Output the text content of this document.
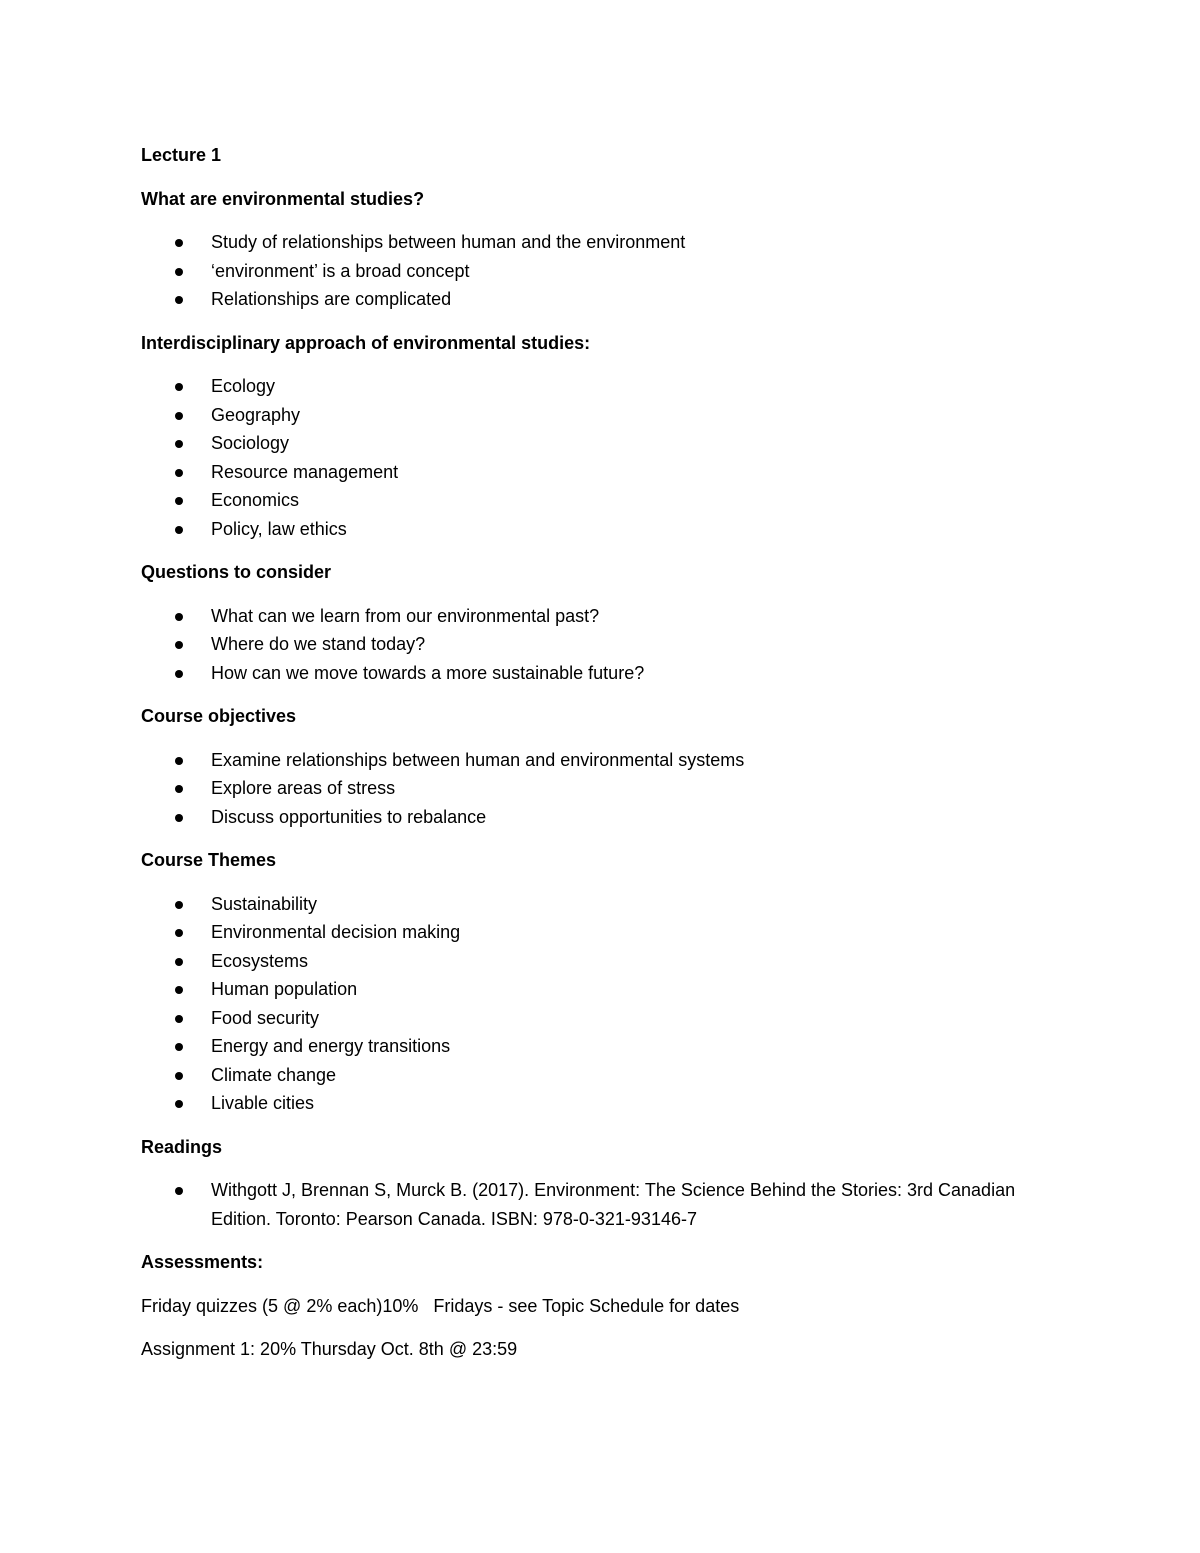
Lecture 1

What are environmental studies?

Study of relationships between human and the environment
‘environment’ is a broad concept
Relationships are complicated

Interdisciplinary approach of environmental studies:

Ecology
Geography
Sociology
Resource management
Economics
Policy, law ethics

Questions to consider

What can we learn from our environmental past?
Where do we stand today?
How can we move towards a more sustainable future?

Course objectives

Examine relationships between human and environmental systems
Explore areas of stress
Discuss opportunities to rebalance

Course Themes

Sustainability
Environmental decision making
Ecosystems
Human population
Food security
Energy and energy transitions
Climate change
Livable cities

Readings

Withgott J, Brennan S, Murck B. (2017). Environment: The Science Behind the Stories: 3rd Canadian Edition. Toronto: Pearson Canada. ISBN: 978-0-321-93146-7

Assessments:

Friday quizzes (5 @ 2% each)10%   Fridays - see Topic Schedule for dates

Assignment 1: 20% Thursday Oct. 8th @ 23:59
